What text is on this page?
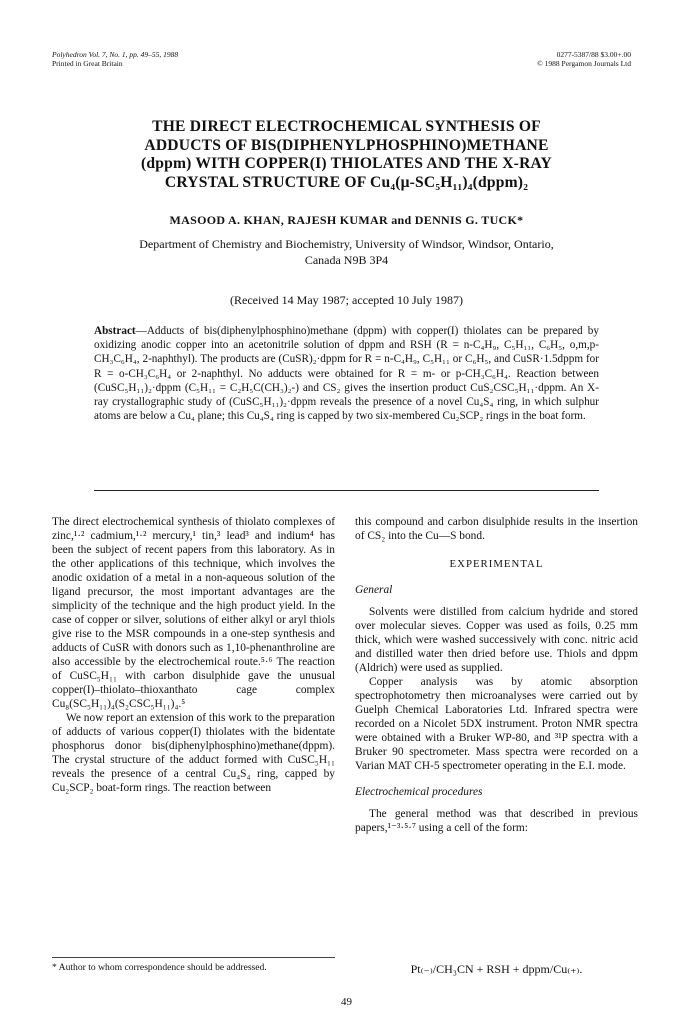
Polyhedron Vol. 7, No. 1, pp. 49–55, 1988
Printed in Great Britain
0277-5387/88 $3.00+.00
© 1988 Pergamon Journals Ltd
THE DIRECT ELECTROCHEMICAL SYNTHESIS OF
ADDUCTS OF BIS(DIPHENYLPHOSPHINO)METHANE
(dppm) WITH COPPER(I) THIOLATES AND THE X-RAY
CRYSTAL STRUCTURE OF Cu₄(μ-SC₅H₁₁)₄(dppm)₂
MASOOD A. KHAN, RAJESH KUMAR and DENNIS G. TUCK*
Department of Chemistry and Biochemistry, University of Windsor, Windsor, Ontario,
Canada N9B 3P4
(Received 14 May 1987; accepted 10 July 1987)
Abstract—Adducts of bis(diphenylphosphino)methane (dppm) with copper(I) thiolates can be prepared by oxidizing anodic copper into an acetonitrile solution of dppm and RSH (R = n-C₄H₉, C₅H₁₁, C₆H₅, o,m,p-CH₃C₆H₄, 2-naphthyl). The products are (CuSR)₂·dppm for R = n-C₄H₉, C₅H₁₁ or C₆H₅, and CuSR·1.5dppm for R = o-CH₃C₆H₄ or 2-naphthyl. No adducts were obtained for R = m- or p-CH₃C₆H₄. Reaction between (CuSC₅H₁₁)₂·dppm (C₅H₁₁ = C₂H₅C(CH₃)₂-) and CS₂ gives the insertion product CuS₂CSC₅H₁₁·dppm. An X-ray crystallographic study of (CuSC₅H₁₁)₂·dppm reveals the presence of a novel Cu₄S₄ ring, in which sulphur atoms are below a Cu₄ plane; this Cu₄S₄ ring is capped by two six-membered Cu₂SCP₂ rings in the boat form.

The direct electrochemical synthesis of thiolato complexes of zinc,¹·² cadmium,¹·² mercury,¹ tin,³ lead³ and indium⁴ has been the subject of recent papers from this laboratory. As in the other applications of this technique, which involves the anodic oxidation of a metal in a non-aqueous solution of the ligand precursor, the most important advantages are the simplicity of the technique and the high product yield. In the case of copper or silver, solutions of either alkyl or aryl thiols give rise to the MSR compounds in a one-step synthesis and adducts of CuSR with donors such as 1,10-phenanthroline are also accessible by the electrochemical route.⁵·⁶ The reaction of CuSC₅H₁₁ with carbon disulphide gave the unusual copper(I)–thiolato–thioxanthato cage complex Cu₈(SC₅H₁₁)₄(S₂CSC₅H₁₁)₄.⁵

We now report an extension of this work to the preparation of adducts of various copper(I) thiolates with the bidentate phosphorus donor bis(diphenylphosphino)methane(dppm). The crystal structure of the adduct formed with CuSC₅H₁₁ reveals the presence of a central Cu₄S₄ ring, capped by Cu₂SCP₂ boat-form rings. The reaction between

this compound and carbon disulphide results in the insertion of CS₂ into the Cu—S bond.

EXPERIMENTAL
General

Solvents were distilled from calcium hydride and stored over molecular sieves. Copper was used as foils, 0.25 mm thick, which were washed successively with conc. nitric acid and distilled water then dried before use. Thiols and dppm (Aldrich) were used as supplied.

Copper analysis was by atomic absorption spectrophotometry then microanalyses were carried out by Guelph Chemical Laboratories Ltd. Infrared spectra were recorded on a Nicolet 5DX instrument. Proton NMR spectra were obtained with a Bruker WP-80, and ³¹P spectra with a Bruker 90 spectrometer. Mass spectra were recorded on a Varian MAT CH-5 spectrometer operating in the E.I. mode.

Electrochemical procedures

The general method was that described in previous papers,¹⁻³·⁵·⁷ using a cell of the form:

* Author to whom correspondence should be addressed.	Pt₍₋₎/CH₃CN + RSH + dppm/Cu₍₊₎.
49
